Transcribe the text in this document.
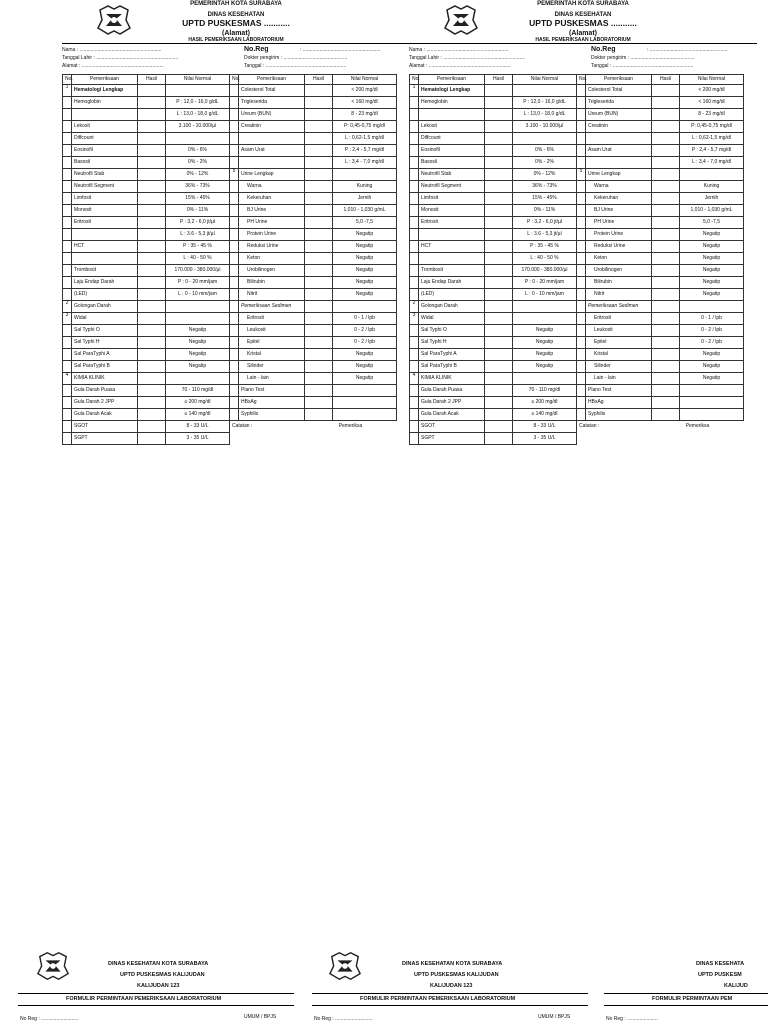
PEMERINTAH KOTA SURABAYA
DINAS KESEHATAN
UPTD PUSKESMAS ...........
(Alamat)
HASIL PEMERIKSAAN LABORATORIUM
Nama : ...........................................................
Tanggal Lahir : ...........................................................
Alamat : ...........................................................
No.Reg	: ........................................................
Dokter pengirim : ..............................................
Tanggal : ..........................................................
No.	Pemeriksaan	Hasil	Nilai Normal	No.	Pemeriksaan	Hasil	Nilai Normal
1	Hematologi Lengkap				Colesterol Total		< 200 mg/dl
	Hemoglobin		P : 12,0 - 16,0 g/dL		Trigleserida		< 160 mg/dl
			L : 13,0 - 18,0 g/dL		Ureum (BUN)		8 - 23 mg/dl
	Lekosit		3.100 - 10.000/µl		Creatinin		P: 0,45-0,75 mg/dl
	Diffcount						L : 0,62-1,5 mg/dl
	Eosinofil		0% - 6%		Asam Urat		P : 2,4 - 5,7 mg/dl
	Basosil		0% - 2%				L : 3,4 - 7,0 mg/dl
	Neutrofil Stab		0% - 12%	5	Urine Lengkap		
	Neutrofil Segment		36% - 73%		Warna		Kuning
	Limfosit		15% - 45%		Kekeruhan		Jernih
	Monosit		0% - 11%		BJ Urine		1,010 - 1,030 g/mL
	Eritrosit		P : 3,2 - 6,0 jt/µl		PH Urine		5,0 -7,5
			L : 3.6 - 5,3 jt/µl		Protein Urine		Negatip
	HCT		P : 35 - 45 %		Reduksi Urine		Negatip
			L : 40 - 50 %		Keton		Negatip
	Trombosit		170.000 - 380.000/µl		Urobilinogen		Negatip
	Laju Endap Darah		P : 0 - 20 mm/jam		Bilirubin		Negatip
	(LED)		L : 0 - 10 mm/jam		Nitrit		Negatip
2	Golongan Darah				Pemeriksaan Sedimen		
3	Widal				Eritrosit		0 - 1 / lpb
	Sal Typhi O		Negatip		Leukosit		0 - 2 / lpb
	Sal Typhi H		Negatip		Epitel		0 - 2 / lpb
	Sal ParaTyphi A		Negatip		Kristal		Negatip
	Sal ParaTyphi B		Negatip		Silinder		Negatip
4	KIMIA KLINIK				Lain - lain		Negatip
	Gula Darah Puasa		70 - 110 mg/dl		Plano Test		
	Gula Darah 2 JPP		≤ 200 mg/dl		HBsAg		
	Gula Darah Acak		≤ 140 mg/dl		Syphilis		
	SGOT		8 - 33 U/L	Catatan :		Pemeriksa	
	SGPT		3 - 35 U/L				
PEMERINTAH KOTA SURABAYA
DINAS KESEHATAN
UPTD PUSKESMAS ...........
(Alamat)
HASIL PEMERIKSAAN LABORATORIUM
Nama : ...........................................................
Tanggal Lahir : ...........................................................
Alamat : ...........................................................
No.Reg	: ........................................................
Dokter pengirim : ..............................................
Tanggal : ..........................................................
No.	Pemeriksaan	Hasil	Nilai Normal	No.	Pemeriksaan	Hasil	Nilai Normal
1	Hematologi Lengkap				Colesterol Total		< 200 mg/dl
	Hemoglobin		P : 12,0 - 16,0 g/dL		Trigleserida		< 160 mg/dl
			L : 13,0 - 18,0 g/dL		Ureum (BUN)		8 - 23 mg/dl
	Lekosit		3.100 - 10.000/µl		Creatinin		P: 0,45-0,75 mg/dl
	Diffcount						L : 0,62-1,5 mg/dl
	Eosinofil		0% - 6%		Asam Urat		P : 2,4 - 5,7 mg/dl
	Basosil		0% - 2%				L : 3,4 - 7,0 mg/dl
	Neutrofil Stab		0% - 12%	5	Urine Lengkap		
	Neutrofil Segment		36% - 73%		Warna		Kuning
	Limfosit		15% - 45%		Kekeruhan		Jernih
	Monosit		0% - 11%		BJ Urine		1,010 - 1,030 g/mL
	Eritrosit		P : 3,2 - 6,0 jt/µl		PH Urine		5,0 -7,5
			L : 3.6 - 5,3 jt/µl		Protein Urine		Negatip
	HCT		P : 35 - 45 %		Reduksi Urine		Negatip
			L : 40 - 50 %		Keton		Negatip
	Trombosit		170.000 - 380.000/µl		Urobilinogen		Negatip
	Laju Endap Darah		P : 0 - 20 mm/jam		Bilirubin		Negatip
	(LED)		L : 0 - 10 mm/jam		Nitrit		Negatip
2	Golongan Darah				Pemeriksaan Sedimen		
3	Widal				Eritrosit		0 - 1 / lpb
	Sal Typhi O		Negatip		Leukosit		0 - 2 / lpb
	Sal Typhi H		Negatip		Epitel		0 - 2 / lpb
	Sal ParaTyphi A		Negatip		Kristal		Negatip
	Sal ParaTyphi B		Negatip		Silinder		Negatip
4	KIMIA KLINIK				Lain - lain		Negatip
	Gula Darah Puasa		70 - 110 mg/dl		Plano Test		
	Gula Darah 2 JPP		≤ 200 mg/dl		HBsAg		
	Gula Darah Acak		≤ 140 mg/dl		Syphilis		
	SGOT		8 - 33 U/L	Catatan :		Pemeriksa	
	SGPT		3 - 35 U/L				
DINAS KESEHATAN KOTA SURABAYA
UPTD PUSKESMAS KALIJUDAN
KALIJUDAN 123
FORMULIR PERMINTAAN PEMERIKSAAN LABORATORIUM
No Reg : ...........................	UMUM / BPJS
DINAS KESEHATAN KOTA SURABAYA
UPTD PUSKESMAS KALIJUDAN
KALIJUDAN 123
FORMULIR PERMINTAAN PEMERIKSAAN LABORATORIUM
No Reg : ...........................	UMUM / BPJS
DINAS KESEHATA
UPTD PUSKESM
KALIJUD
FORMULIR PERMINTAAN PEM
No Reg : ......................
